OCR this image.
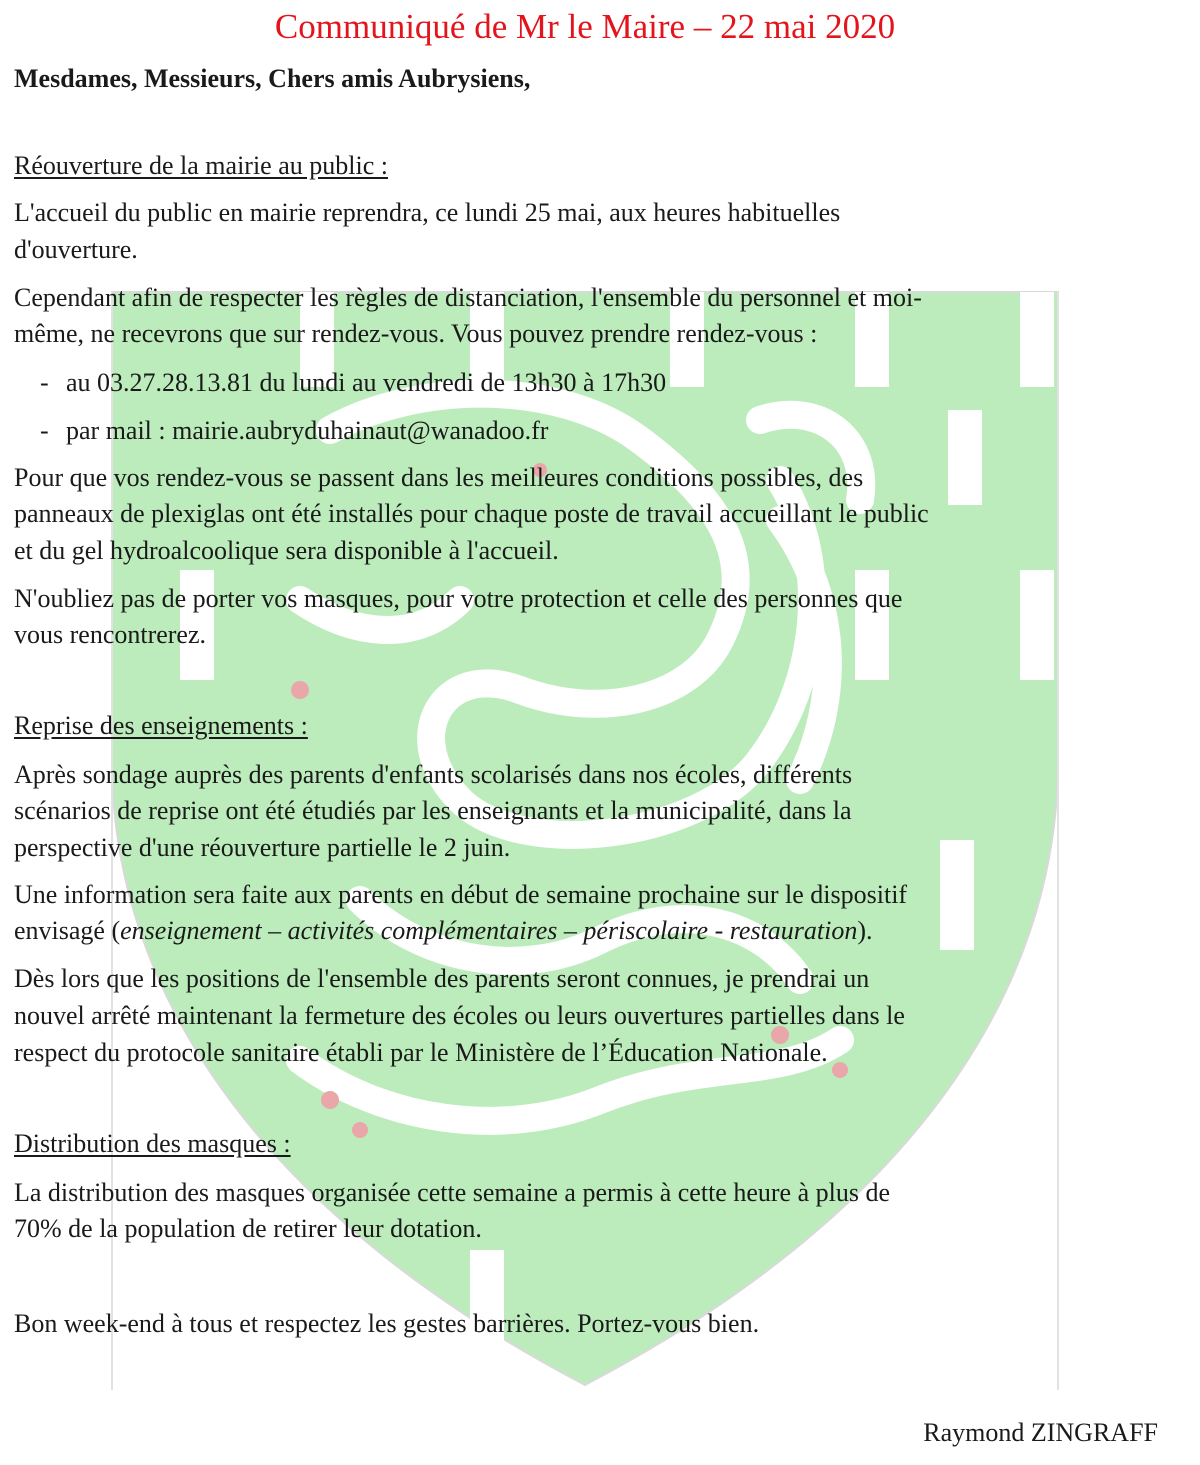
Communiqué de Mr le Maire – 22 mai 2020
Mesdames, Messieurs, Chers amis Aubrysiens,
Réouverture de la mairie au public :
L'accueil du public en mairie reprendra, ce lundi 25 mai, aux heures habituelles
d'ouverture.
Cependant afin de respecter les règles de distanciation, l'ensemble du personnel et moi-
même, ne recevrons que sur rendez-vous. Vous pouvez prendre rendez-vous :
- au 03.27.28.13.81 du lundi au vendredi de 13h30 à 17h30
- par mail : mairie.aubryduhainaut@wanadoo.fr
Pour que vos rendez-vous se passent dans les meilleures conditions possibles, des
panneaux de plexiglas ont été installés pour chaque poste de travail accueillant le public
et du gel hydroalcoolique sera disponible à l'accueil.
N'oubliez pas de porter vos masques, pour votre protection et celle des personnes que
vous rencontrerez.
Reprise des enseignements :
Après sondage auprès des parents d'enfants scolarisés dans nos écoles, différents
scénarios de reprise ont été étudiés par les enseignants et la municipalité, dans la
perspective d'une réouverture partielle le 2 juin.
Une information sera faite aux parents en début de semaine prochaine sur le dispositif
envisagé (enseignement – activités complémentaires – périscolaire - restauration).
Dès lors que les positions de l'ensemble des parents seront connues, je prendrai un
nouvel arrêté maintenant la fermeture des écoles ou leurs ouvertures partielles dans le
respect du protocole sanitaire établi par le Ministère de l’Éducation Nationale.
Distribution des masques :
La distribution des masques organisée cette semaine a permis à cette heure à plus de
70% de la population de retirer leur dotation.
Bon week-end à tous et respectez les gestes barrières. Portez-vous bien.
Raymond ZINGRAFF
